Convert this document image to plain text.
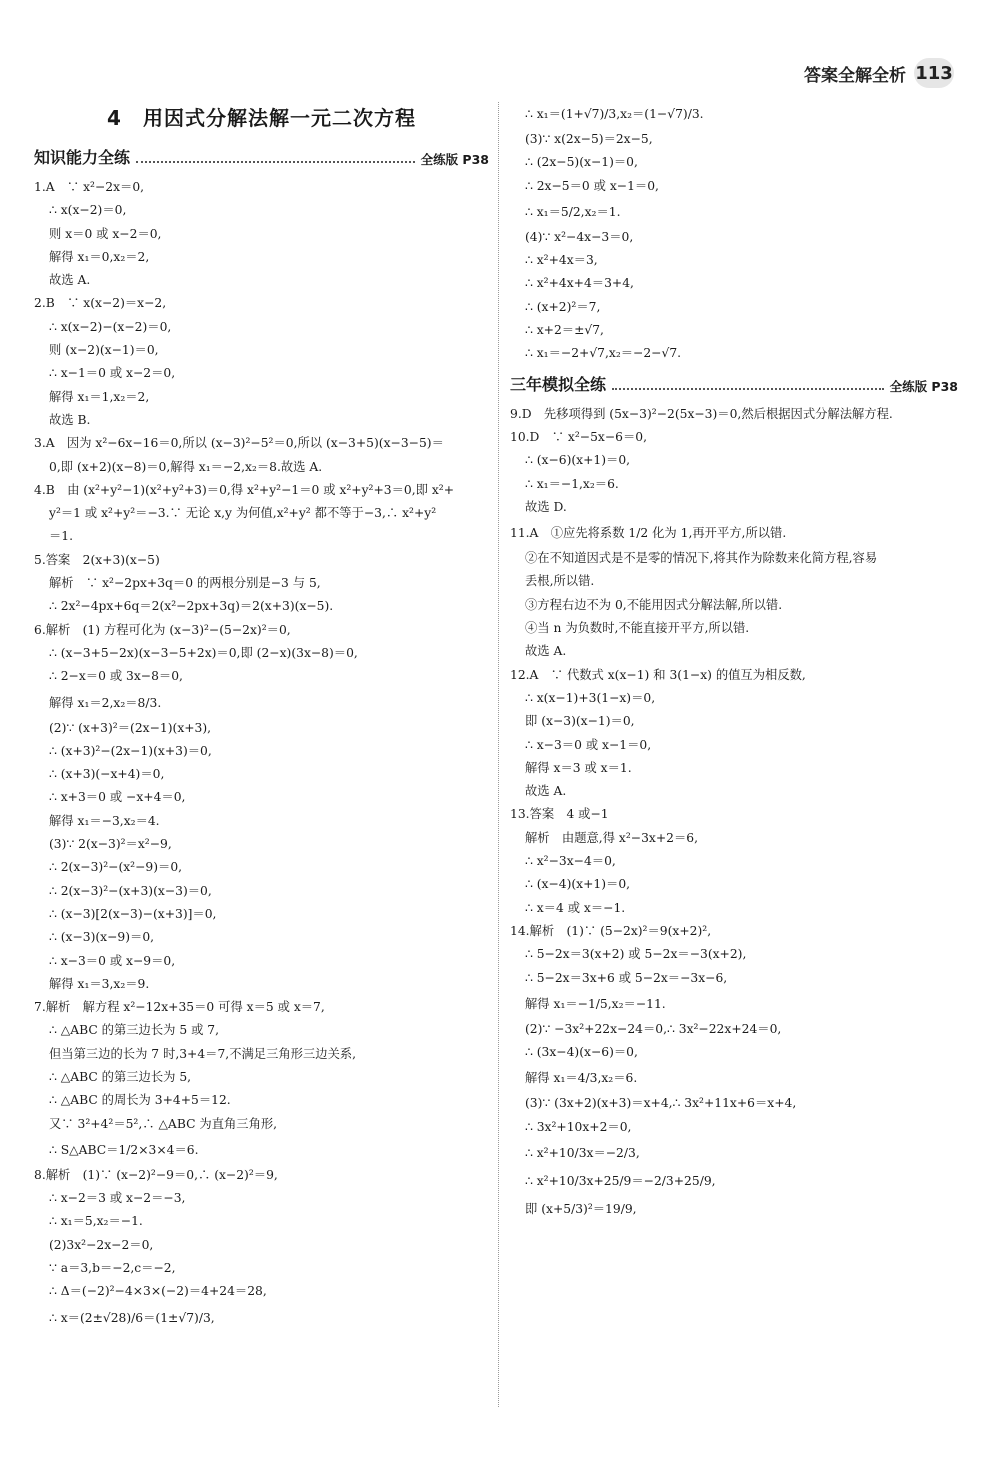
答案全解全析 113
4　用因式分解法解一元二次方程
知识能力全练	全练版 P38
1.A　∵ x²−2x＝0,
∴ x(x−2)＝0,
则 x＝0 或 x−2＝0,
解得 x₁＝0,x₂＝2,
故选 A.
2.B　∵ x(x−2)＝x−2,
∴ x(x−2)−(x−2)＝0,
则 (x−2)(x−1)＝0,
∴ x−1＝0 或 x−2＝0,
解得 x₁＝1,x₂＝2,
故选 B.
3.A　因为 x²−6x−16＝0,所以 (x−3)²−5²＝0,所以 (x−3+5)(x−3−5)＝
0,即 (x+2)(x−8)＝0,解得 x₁＝−2,x₂＝8.故选 A.
4.B　由 (x²+y²−1)(x²+y²+3)＝0,得 x²+y²−1＝0 或 x²+y²+3＝0,即 x²+
y²＝1 或 x²+y²＝−3.∵ 无论 x,y 为何值,x²+y² 都不等于−3,∴ x²+y²
＝1.
5.答案　2(x+3)(x−5)
解析　∵ x²−2px+3q＝0 的两根分别是−3 与 5,
∴ 2x²−4px+6q＝2(x²−2px+3q)＝2(x+3)(x−5).
6.解析　(1) 方程可化为 (x−3)²−(5−2x)²＝0,
∴ (x−3+5−2x)(x−3−5+2x)＝0,即 (2−x)(3x−8)＝0,
∴ 2−x＝0 或 3x−8＝0,
解得 x₁＝2,x₂＝8/3.
(2)∵ (x+3)²＝(2x−1)(x+3),
∴ (x+3)²−(2x−1)(x+3)＝0,
∴ (x+3)(−x+4)＝0,
∴ x+3＝0 或 −x+4＝0,
解得 x₁＝−3,x₂＝4.
(3)∵ 2(x−3)²＝x²−9,
∴ 2(x−3)²−(x²−9)＝0,
∴ 2(x−3)²−(x+3)(x−3)＝0,
∴ (x−3)[2(x−3)−(x+3)]＝0,
∴ (x−3)(x−9)＝0,
∴ x−3＝0 或 x−9＝0,
解得 x₁＝3,x₂＝9.
7.解析　解方程 x²−12x+35＝0 可得 x＝5 或 x＝7,
∴ △ABC 的第三边长为 5 或 7,
但当第三边的长为 7 时,3+4＝7,不满足三角形三边关系,
∴ △ABC 的第三边长为 5,
∴ △ABC 的周长为 3+4+5＝12.
又∵ 3²+4²＝5²,∴ △ABC 为直角三角形,
∴ S△ABC＝1/2×3×4＝6.
8.解析　(1)∵ (x−2)²−9＝0,∴ (x−2)²＝9,
∴ x−2＝3 或 x−2＝−3,
∴ x₁＝5,x₂＝−1.
(2)3x²−2x−2＝0,
∵ a＝3,b＝−2,c＝−2,
∴ Δ＝(−2)²−4×3×(−2)＝4+24＝28,
∴ x＝(2±√28)/6＝(1±√7)/3,
∴ x₁＝(1+√7)/3,x₂＝(1−√7)/3.
(3)∵ x(2x−5)＝2x−5,
∴ (2x−5)(x−1)＝0,
∴ 2x−5＝0 或 x−1＝0,
∴ x₁＝5/2,x₂＝1.
(4)∵ x²−4x−3＝0,
∴ x²+4x＝3,
∴ x²+4x+4＝3+4,
∴ (x+2)²＝7,
∴ x+2＝±√7,
∴ x₁＝−2+√7,x₂＝−2−√7.
三年模拟全练	全练版 P38
9.D　先移项得到 (5x−3)²−2(5x−3)＝0,然后根据因式分解法解方程.
10.D　∵ x²−5x−6＝0,
∴ (x−6)(x+1)＝0,
∴ x₁＝−1,x₂＝6.
故选 D.
11.A　①应先将系数 1/2 化为 1,再开平方,所以错.
②在不知道因式是不是零的情况下,将其作为除数来化简方程,容易
丢根,所以错.
③方程右边不为 0,不能用因式分解法解,所以错.
④当 n 为负数时,不能直接开平方,所以错.
故选 A.
12.A　∵ 代数式 x(x−1) 和 3(1−x) 的值互为相反数,
∴ x(x−1)+3(1−x)＝0,
即 (x−3)(x−1)＝0,
∴ x−3＝0 或 x−1＝0,
解得 x＝3 或 x＝1.
故选 A.
13.答案　4 或−1
解析　由题意,得 x²−3x+2＝6,
∴ x²−3x−4＝0,
∴ (x−4)(x+1)＝0,
∴ x＝4 或 x＝−1.
14.解析　(1)∵ (5−2x)²＝9(x+2)²,
∴ 5−2x＝3(x+2) 或 5−2x＝−3(x+2),
∴ 5−2x＝3x+6 或 5−2x＝−3x−6,
解得 x₁＝−1/5,x₂＝−11.
(2)∵ −3x²+22x−24＝0,∴ 3x²−22x+24＝0,
∴ (3x−4)(x−6)＝0,
解得 x₁＝4/3,x₂＝6.
(3)∵ (3x+2)(x+3)＝x+4,∴ 3x²+11x+6＝x+4,
∴ 3x²+10x+2＝0,
∴ x²+10/3x＝−2/3,
∴ x²+10/3x+25/9＝−2/3+25/9,
即 (x+5/3)²＝19/9,
